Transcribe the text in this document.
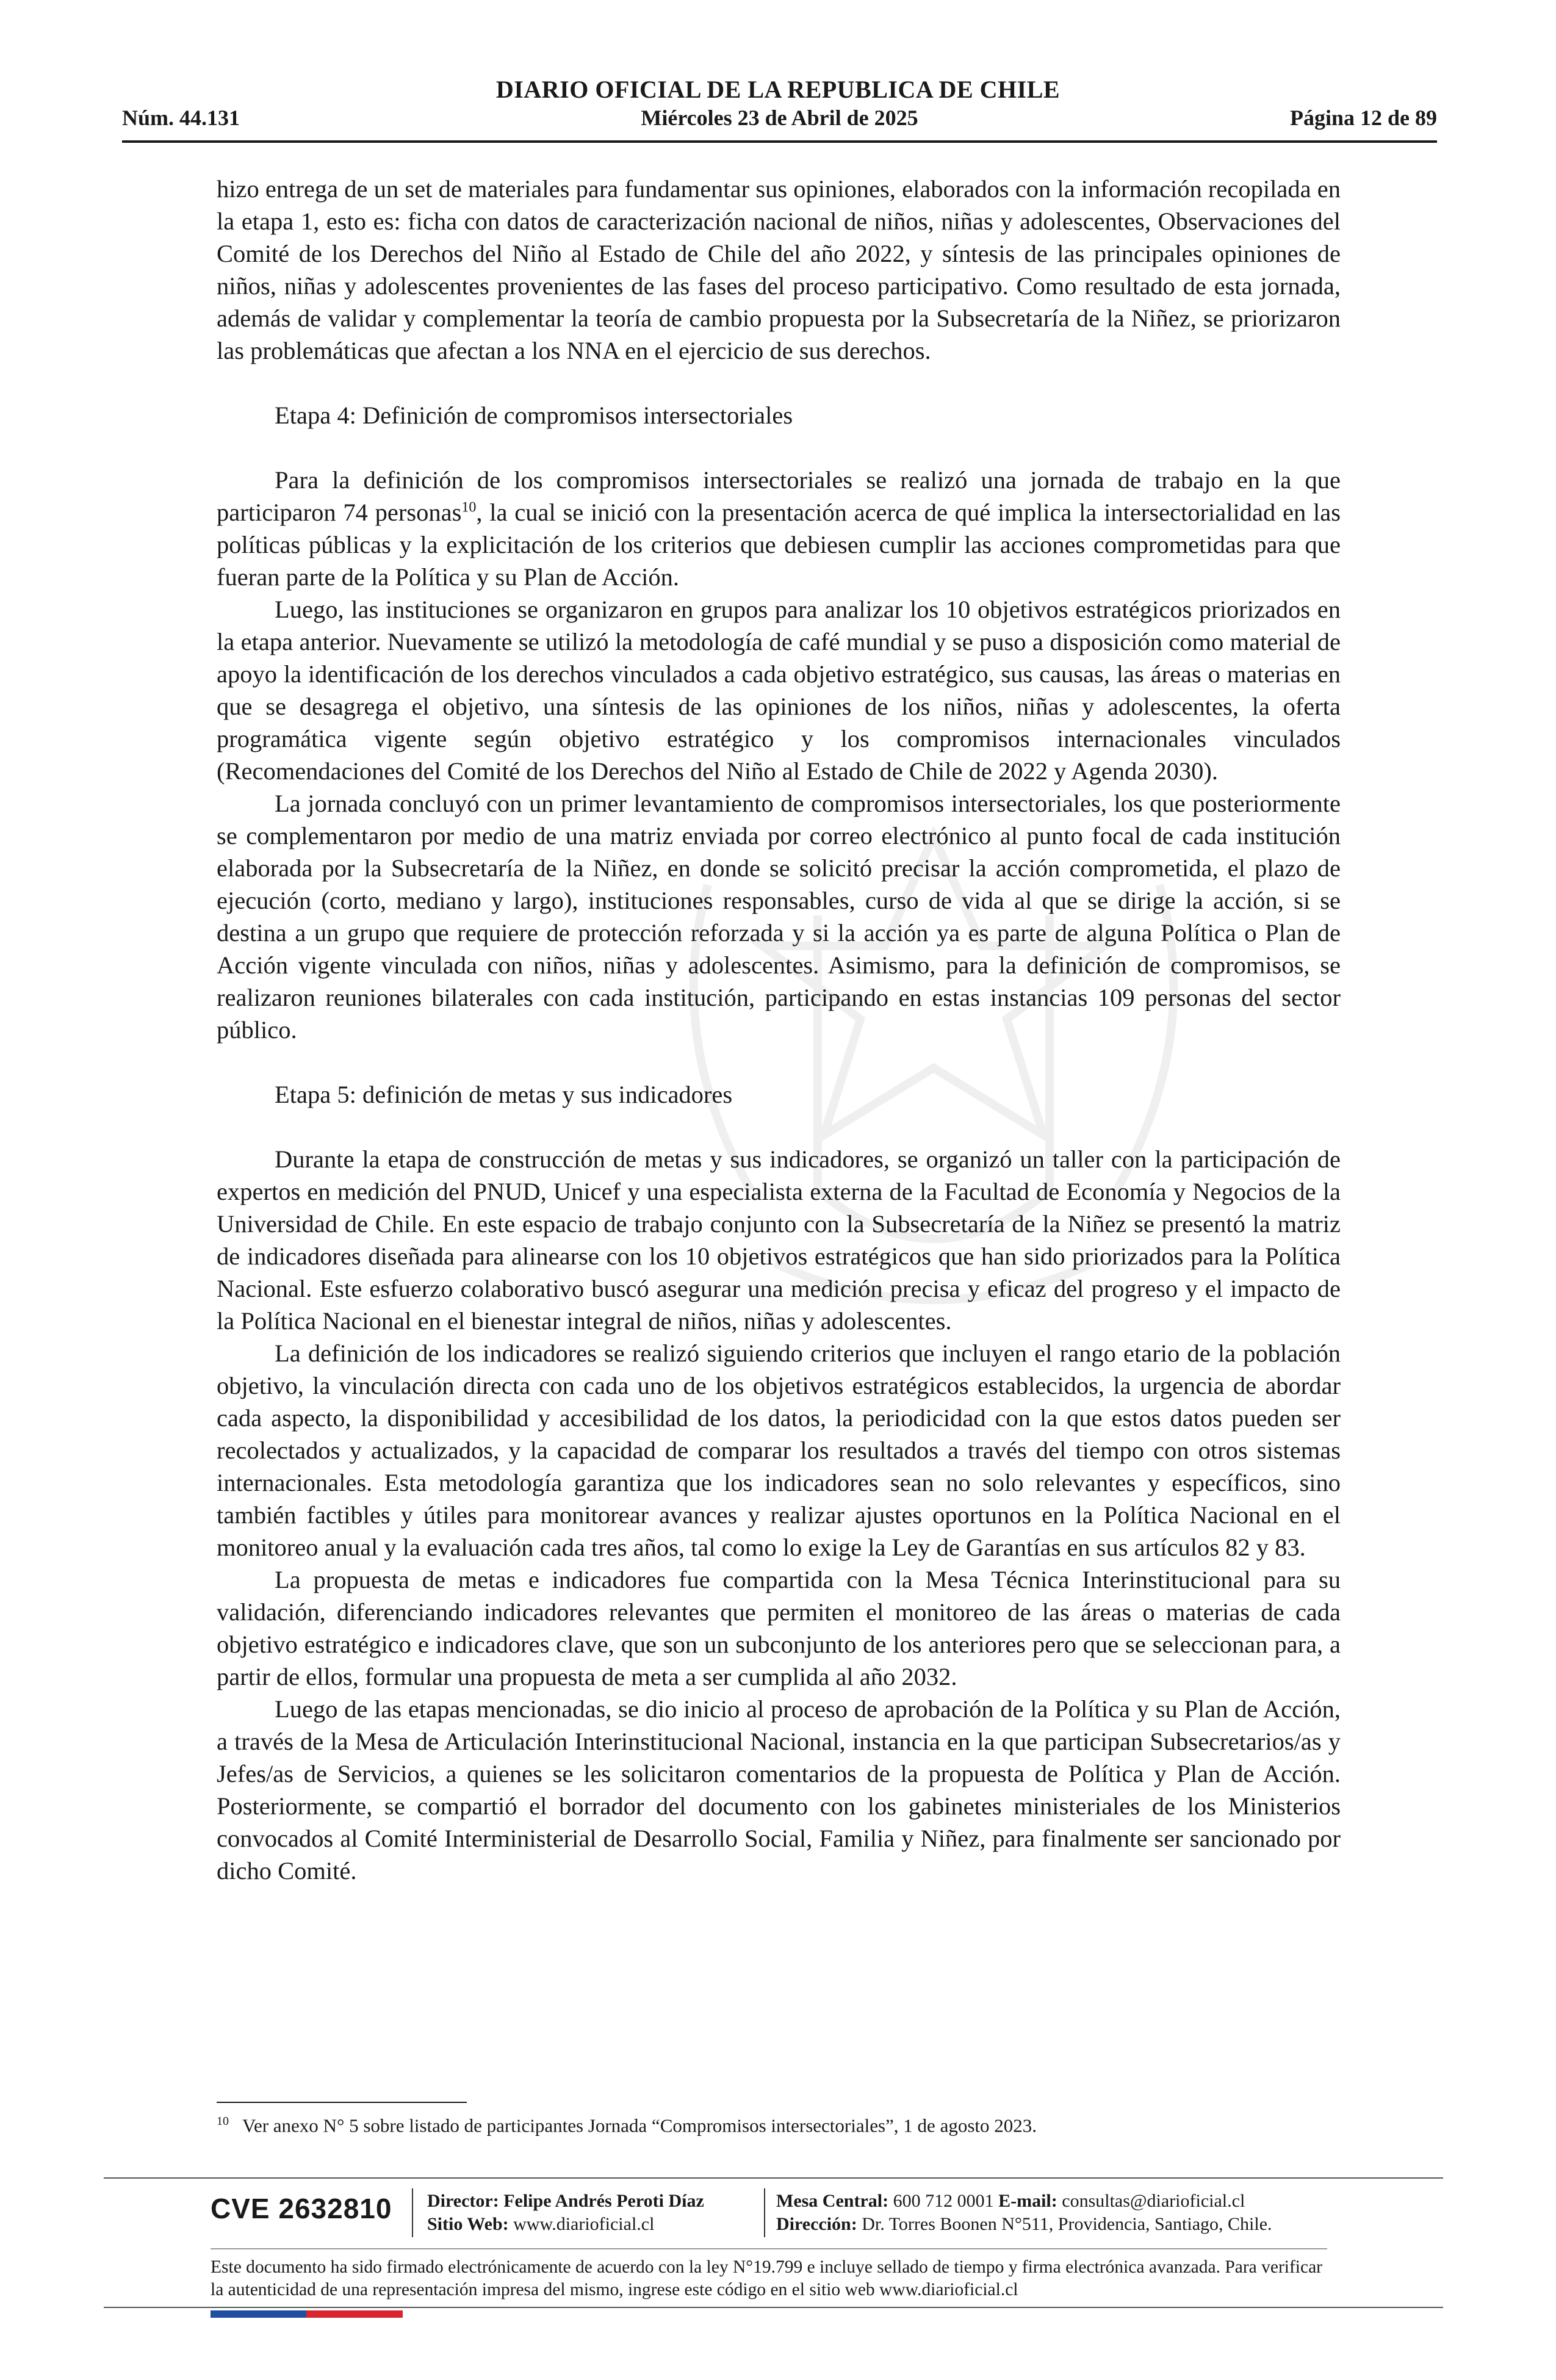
DIARIO OFICIAL DE LA REPUBLICA DE CHILE
Núm. 44.131	Miércoles 23 de Abril de 2025	Página 12 de 89

hizo entrega de un set de materiales para fundamentar sus opiniones, elaborados con la información recopilada en la etapa 1, esto es: ficha con datos de caracterización nacional de niños, niñas y adolescentes, Observaciones del Comité de los Derechos del Niño al Estado de Chile del año 2022, y síntesis de las principales opiniones de niños, niñas y adolescentes provenientes de las fases del proceso participativo. Como resultado de esta jornada, además de validar y complementar la teoría de cambio propuesta por la Subsecretaría de la Niñez, se priorizaron las problemáticas que afectan a los NNA en el ejercicio de sus derechos.

Etapa 4: Definición de compromisos intersectoriales

Para la definición de los compromisos intersectoriales se realizó una jornada de trabajo en la que participaron 74 personas$^{10}$, la cual se inició con la presentación acerca de qué implica la intersectorialidad en las políticas públicas y la explicitación de los criterios que debiesen cumplir las acciones comprometidas para que fueran parte de la Política y su Plan de Acción.

Luego, las instituciones se organizaron en grupos para analizar los 10 objetivos estratégicos priorizados en la etapa anterior. Nuevamente se utilizó la metodología de café mundial y se puso a disposición como material de apoyo la identificación de los derechos vinculados a cada objetivo estratégico, sus causas, las áreas o materias en que se desagrega el objetivo, una síntesis de las opiniones de los niños, niñas y adolescentes, la oferta programática vigente según objetivo estratégico y los compromisos internacionales vinculados (Recomendaciones del Comité de los Derechos del Niño al Estado de Chile de 2022 y Agenda 2030).

La jornada concluyó con un primer levantamiento de compromisos intersectoriales, los que posteriormente se complementaron por medio de una matriz enviada por correo electrónico al punto focal de cada institución elaborada por la Subsecretaría de la Niñez, en donde se solicitó precisar la acción comprometida, el plazo de ejecución (corto, mediano y largo), instituciones responsables, curso de vida al que se dirige la acción, si se destina a un grupo que requiere de protección reforzada y si la acción ya es parte de alguna Política o Plan de Acción vigente vinculada con niños, niñas y adolescentes. Asimismo, para la definición de compromisos, se realizaron reuniones bilaterales con cada institución, participando en estas instancias 109 personas del sector público.

Etapa 5: definición de metas y sus indicadores

Durante la etapa de construcción de metas y sus indicadores, se organizó un taller con la participación de expertos en medición del PNUD, Unicef y una especialista externa de la Facultad de Economía y Negocios de la Universidad de Chile. En este espacio de trabajo conjunto con la Subsecretaría de la Niñez se presentó la matriz de indicadores diseñada para alinearse con los 10 objetivos estratégicos que han sido priorizados para la Política Nacional. Este esfuerzo colaborativo buscó asegurar una medición precisa y eficaz del progreso y el impacto de la Política Nacional en el bienestar integral de niños, niñas y adolescentes.

La definición de los indicadores se realizó siguiendo criterios que incluyen el rango etario de la población objetivo, la vinculación directa con cada uno de los objetivos estratégicos establecidos, la urgencia de abordar cada aspecto, la disponibilidad y accesibilidad de los datos, la periodicidad con la que estos datos pueden ser recolectados y actualizados, y la capacidad de comparar los resultados a través del tiempo con otros sistemas internacionales. Esta metodología garantiza que los indicadores sean no solo relevantes y específicos, sino también factibles y útiles para monitorear avances y realizar ajustes oportunos en la Política Nacional en el monitoreo anual y la evaluación cada tres años, tal como lo exige la Ley de Garantías en sus artículos 82 y 83.

La propuesta de metas e indicadores fue compartida con la Mesa Técnica Interinstitucional para su validación, diferenciando indicadores relevantes que permiten el monitoreo de las áreas o materias de cada objetivo estratégico e indicadores clave, que son un subconjunto de los anteriores pero que se seleccionan para, a partir de ellos, formular una propuesta de meta a ser cumplida al año 2032.

Luego de las etapas mencionadas, se dio inicio al proceso de aprobación de la Política y su Plan de Acción, a través de la Mesa de Articulación Interinstitucional Nacional, instancia en la que participan Subsecretarios/as y Jefes/as de Servicios, a quienes se les solicitaron comentarios de la propuesta de Política y Plan de Acción. Posteriormente, se compartió el borrador del documento con los gabinetes ministeriales de los Ministerios convocados al Comité Interministerial de Desarrollo Social, Familia y Niñez, para finalmente ser sancionado por dicho Comité.

$^{10}$ Ver anexo N° 5 sobre listado de participantes Jornada “Compromisos intersectoriales”, 1 de agosto 2023.
CVE 2632810 Director: Felipe Andrés Peroti Díaz
Sitio Web: www.diarioficial.cl
Mesa Central: 600 712 0001 E-mail: consultas@diarioficial.cl
Dirección: Dr. Torres Boonen N°511, Providencia, Santiago, Chile.
Este documento ha sido firmado electrónicamente de acuerdo con la ley N°19.799 e incluye sellado de tiempo y firma electrónica avanzada. Para verificar la autenticidad de una representación impresa del mismo, ingrese este código en el sitio web www.diarioficial.cl
